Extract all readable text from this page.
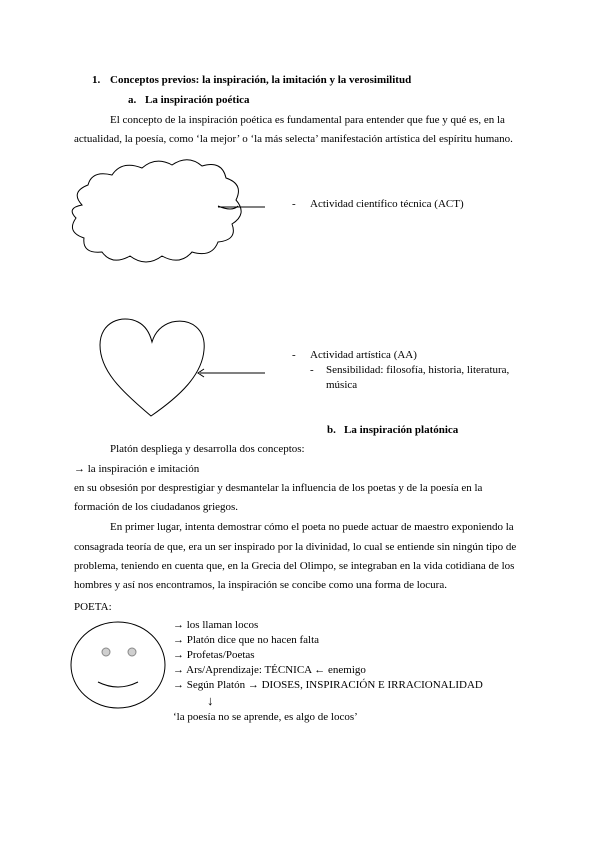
1. Conceptos previos: la inspiración, la imitación y la verosimilitud
a. La inspiración poética
El concepto de la inspiración poética es fundamental para entender que fue y qué es, en la
actualidad, la poesía, como ‘la mejor’ o ‘la más selecta’ manifestación artística del espíritu humano.
- Actividad científico técnica (ACT)
- Actividad artística (AA)
- Sensibilidad: filosofía, historia, literatura,
música
b. La inspiración platónica
Platón despliega y desarrolla dos conceptos:
→ la inspiración e imitación
en su obsesión por desprestigiar y desmantelar la influencia de los poetas y de la poesía en la
formación de los ciudadanos griegos.
En primer lugar, intenta demostrar cómo el poeta no puede actuar de maestro exponiendo la
consagrada teoría de que, era un ser inspirado por la divinidad, lo cual se entiende sin ningún tipo de
problema, teniendo en cuenta que, en la Grecia del Olimpo, se integraban en la vida cotidiana de los
hombres y así nos encontramos, la inspiración se concibe como una forma de locura.
POETA:
→ los llaman locos
→ Platón dice que no hacen falta
→ Profetas/Poetas
→ Ars/Aprendizaje: TÉCNICA ← enemigo
→ Según Platón → DIOSES, INSPIRACIÓN E IRRACIONALIDAD
↓
‘la poesía no se aprende, es algo de locos’
